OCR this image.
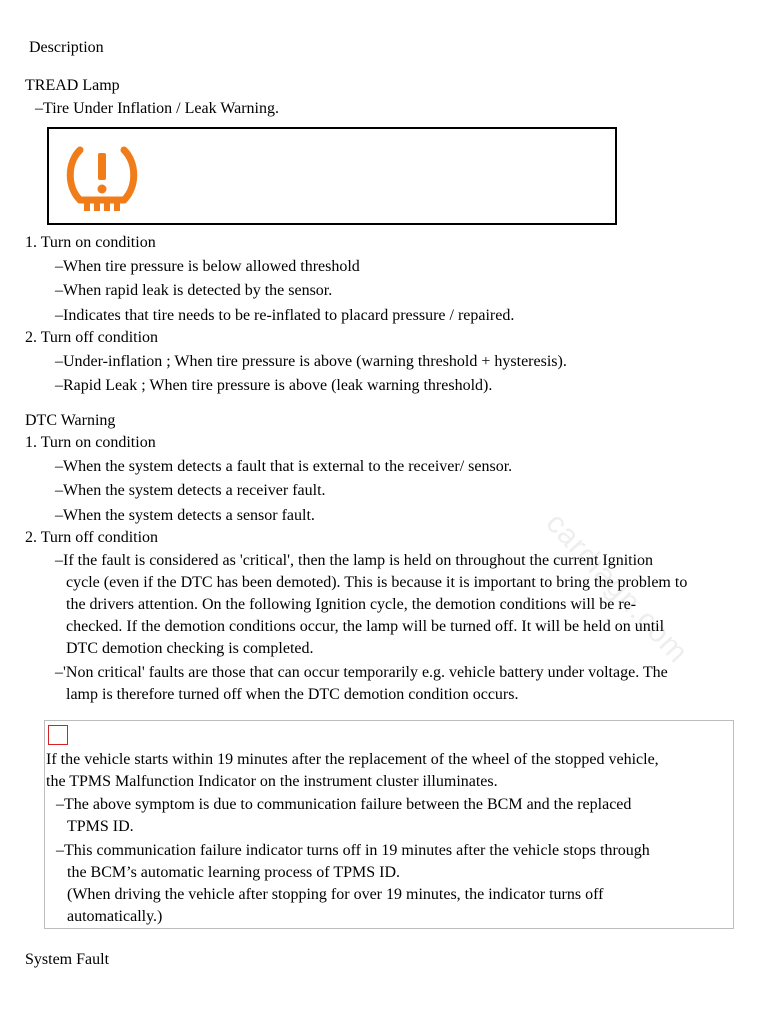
cardiagn.com
Description
TREAD Lamp
–Tire Under Inflation / Leak Warning.
1. Turn on condition
–When tire pressure is below allowed threshold
–When rapid leak is detected by the sensor.
–Indicates that tire needs to be re-inflated to placard pressure / repaired.
2. Turn off condition
–Under-inflation ; When tire pressure is above (warning threshold + hysteresis).
–Rapid Leak ; When tire pressure is above (leak warning threshold).
DTC Warning
1. Turn on condition
–When the system detects a fault that is external to the receiver/ sensor.
–When the system detects a receiver fault.
–When the system detects a sensor fault.
2. Turn off condition
–If the fault is considered as 'critical', then the lamp is held on throughout the current Ignition
cycle (even if the DTC has been demoted). This is because it is important to bring the problem to
the drivers attention. On the following Ignition cycle, the demotion conditions will be re-
checked. If the demotion conditions occur, the lamp will be turned off. It will be held on until
DTC demotion checking is completed.
–'Non critical' faults are those that can occur temporarily e.g. vehicle battery under voltage. The
lamp is therefore turned off when the DTC demotion condition occurs.
If the vehicle starts within 19 minutes after the replacement of the wheel of the stopped vehicle,
the TPMS Malfunction Indicator on the instrument cluster illuminates.
–The above symptom is due to communication failure between the BCM and the replaced
TPMS ID.
–This communication failure indicator turns off in 19 minutes after the vehicle stops through
the BCM’s automatic learning process of TPMS ID.
(When driving the vehicle after stopping for over 19 minutes, the indicator turns off
automatically.)
System Fault
